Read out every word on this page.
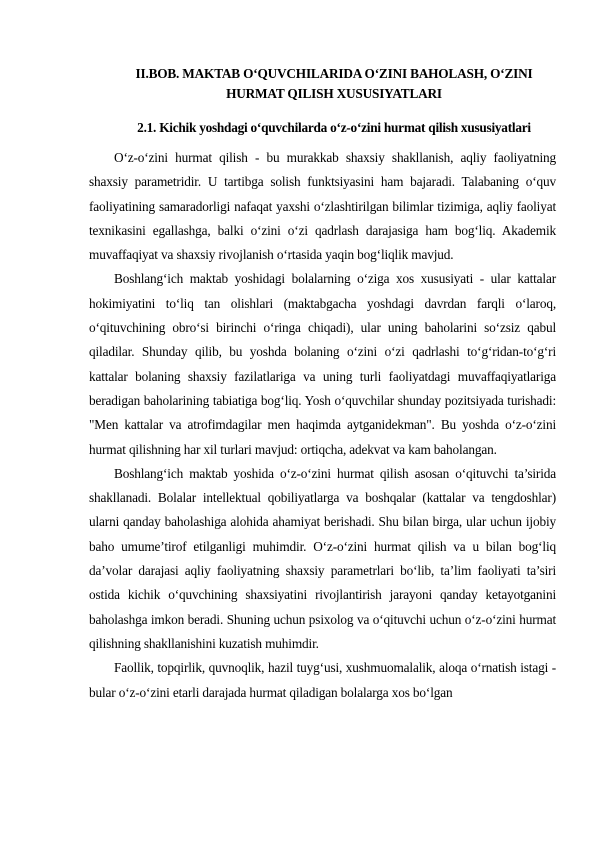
II.BOB. MAKTAB O‘QUVCHILARIDA O‘ZINI BAHOLASH, O‘ZINI HURMAT QILISH XUSUSIYATLARI
2.1. Kichik yoshdagi o‘quvchilarda o‘z-o‘zini hurmat qilish xususiyatlari

O‘z-o‘zini hurmat qilish - bu murakkab shaxsiy shakllanish, aqliy faoliyatning shaxsiy parametridir. U tartibga solish funktsiyasini ham bajaradi. Talabaning o‘quv faoliyatining samaradorligi nafaqat yaxshi o‘zlashtirilgan bilimlar tizimiga, aqliy faoliyat texnikasini egallashga, balki o‘zini o‘zi qadrlash darajasiga ham bog‘liq. Akademik muvaffaqiyat va shaxsiy rivojlanish o‘rtasida yaqin bog‘liqlik mavjud.

Boshlang‘ich maktab yoshidagi bolalarning o‘ziga xos xususiyati - ular kattalar hokimiyatini to‘liq tan olishlari (maktabgacha yoshdagi davrdan farqli o‘laroq, o‘qituvchining obro‘si birinchi o‘ringa chiqadi), ular uning baholarini so‘zsiz qabul qiladilar. Shunday qilib, bu yoshda bolaning o‘zini o‘zi qadrlashi to‘g‘ridan-to‘g‘ri kattalar bolaning shaxsiy fazilatlariga va uning turli faoliyatdagi muvaffaqiyatlariga beradigan baholarining tabiatiga bog‘liq. Yosh o‘quvchilar shunday pozitsiyada turishadi: "Men kattalar va atrofimdagilar men haqimda aytganidekman". Bu yoshda o‘z-o‘zini hurmat qilishning har xil turlari mavjud: ortiqcha, adekvat va kam baholangan.

Boshlang‘ich maktab yoshida o‘z-o‘zini hurmat qilish asosan o‘qituvchi ta’sirida shakllanadi. Bolalar intellektual qobiliyatlarga va boshqalar (kattalar va tengdoshlar) ularni qanday baholashiga alohida ahamiyat berishadi. Shu bilan birga, ular uchun ijobiy baho umume’tirof etilganligi muhimdir. O‘z-o‘zini hurmat qilish va u bilan bog‘liq da’volar darajasi aqliy faoliyatning shaxsiy parametrlari bo‘lib, ta’lim faoliyati ta’siri ostida kichik o‘quvchining shaxsiyatini rivojlantirish jarayoni qanday ketayotganini baholashga imkon beradi. Shuning uchun psixolog va o‘qituvchi uchun o‘z-o‘zini hurmat qilishning shakllanishini kuzatish muhimdir.

Faollik, topqirlik, quvnoqlik, hazil tuyg‘usi, xushmuomalalik, aloqa o‘rnatish istagi - bular o‘z-o‘zini etarli darajada hurmat qiladigan bolalarga xos bo‘lgan
